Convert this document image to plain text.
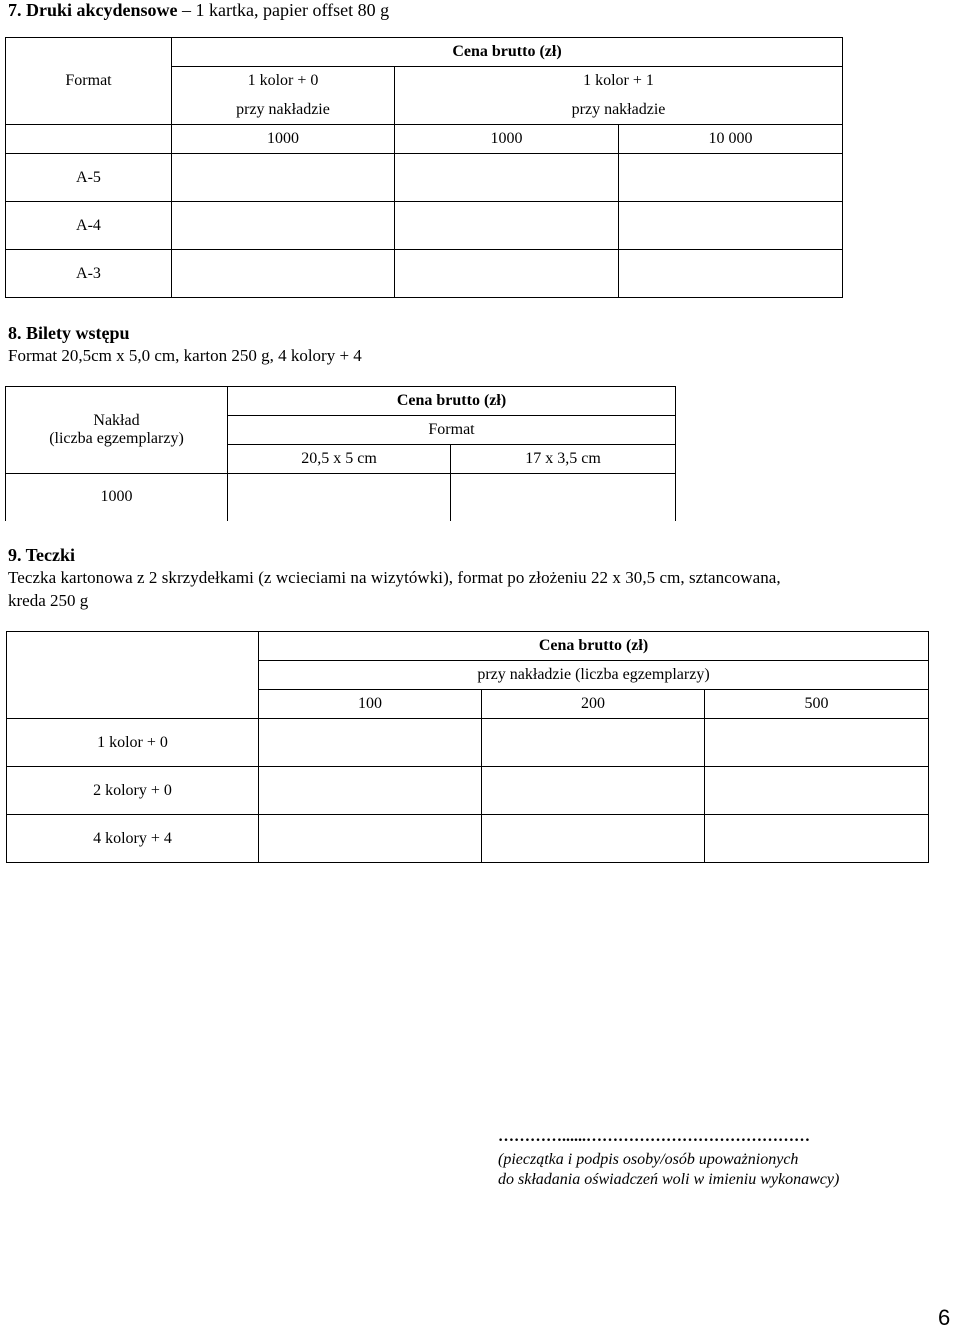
7. Druki akcydensowe – 1 kartka, papier offset 80 g
Format	Cena brutto (zł)		
	1 kolor + 0	1 kolor + 1	
	przy nakładzie	przy nakładzie	
	1000	1000	10 000
A-5			
A-4			
A-3			
8. Bilety wstępu
Format 20,5cm x 5,0 cm, karton 250 g, 4 kolory + 4
Nakład
(liczba egzemplarzy)	Cena brutto (zł)	
	Format	
	20,5 x 5 cm	17 x 3,5 cm
1000		
9. Teczki
Teczka kartonowa z 2 skrzydełkami (z wcieciami na wizytówki), format po złożeniu 22 x 30,5 cm, sztancowana,
kreda 250 g
	Cena brutto (zł)		
	przy nakładzie (liczba egzemplarzy)		
	100	200	500
1 kolor + 0			
2 kolory + 0			
4 kolory + 4			
…………......……………………………………
(pieczątka i podpis osoby/osób upoważnionych
do składania oświadczeń woli w imieniu wykonawcy)
6
